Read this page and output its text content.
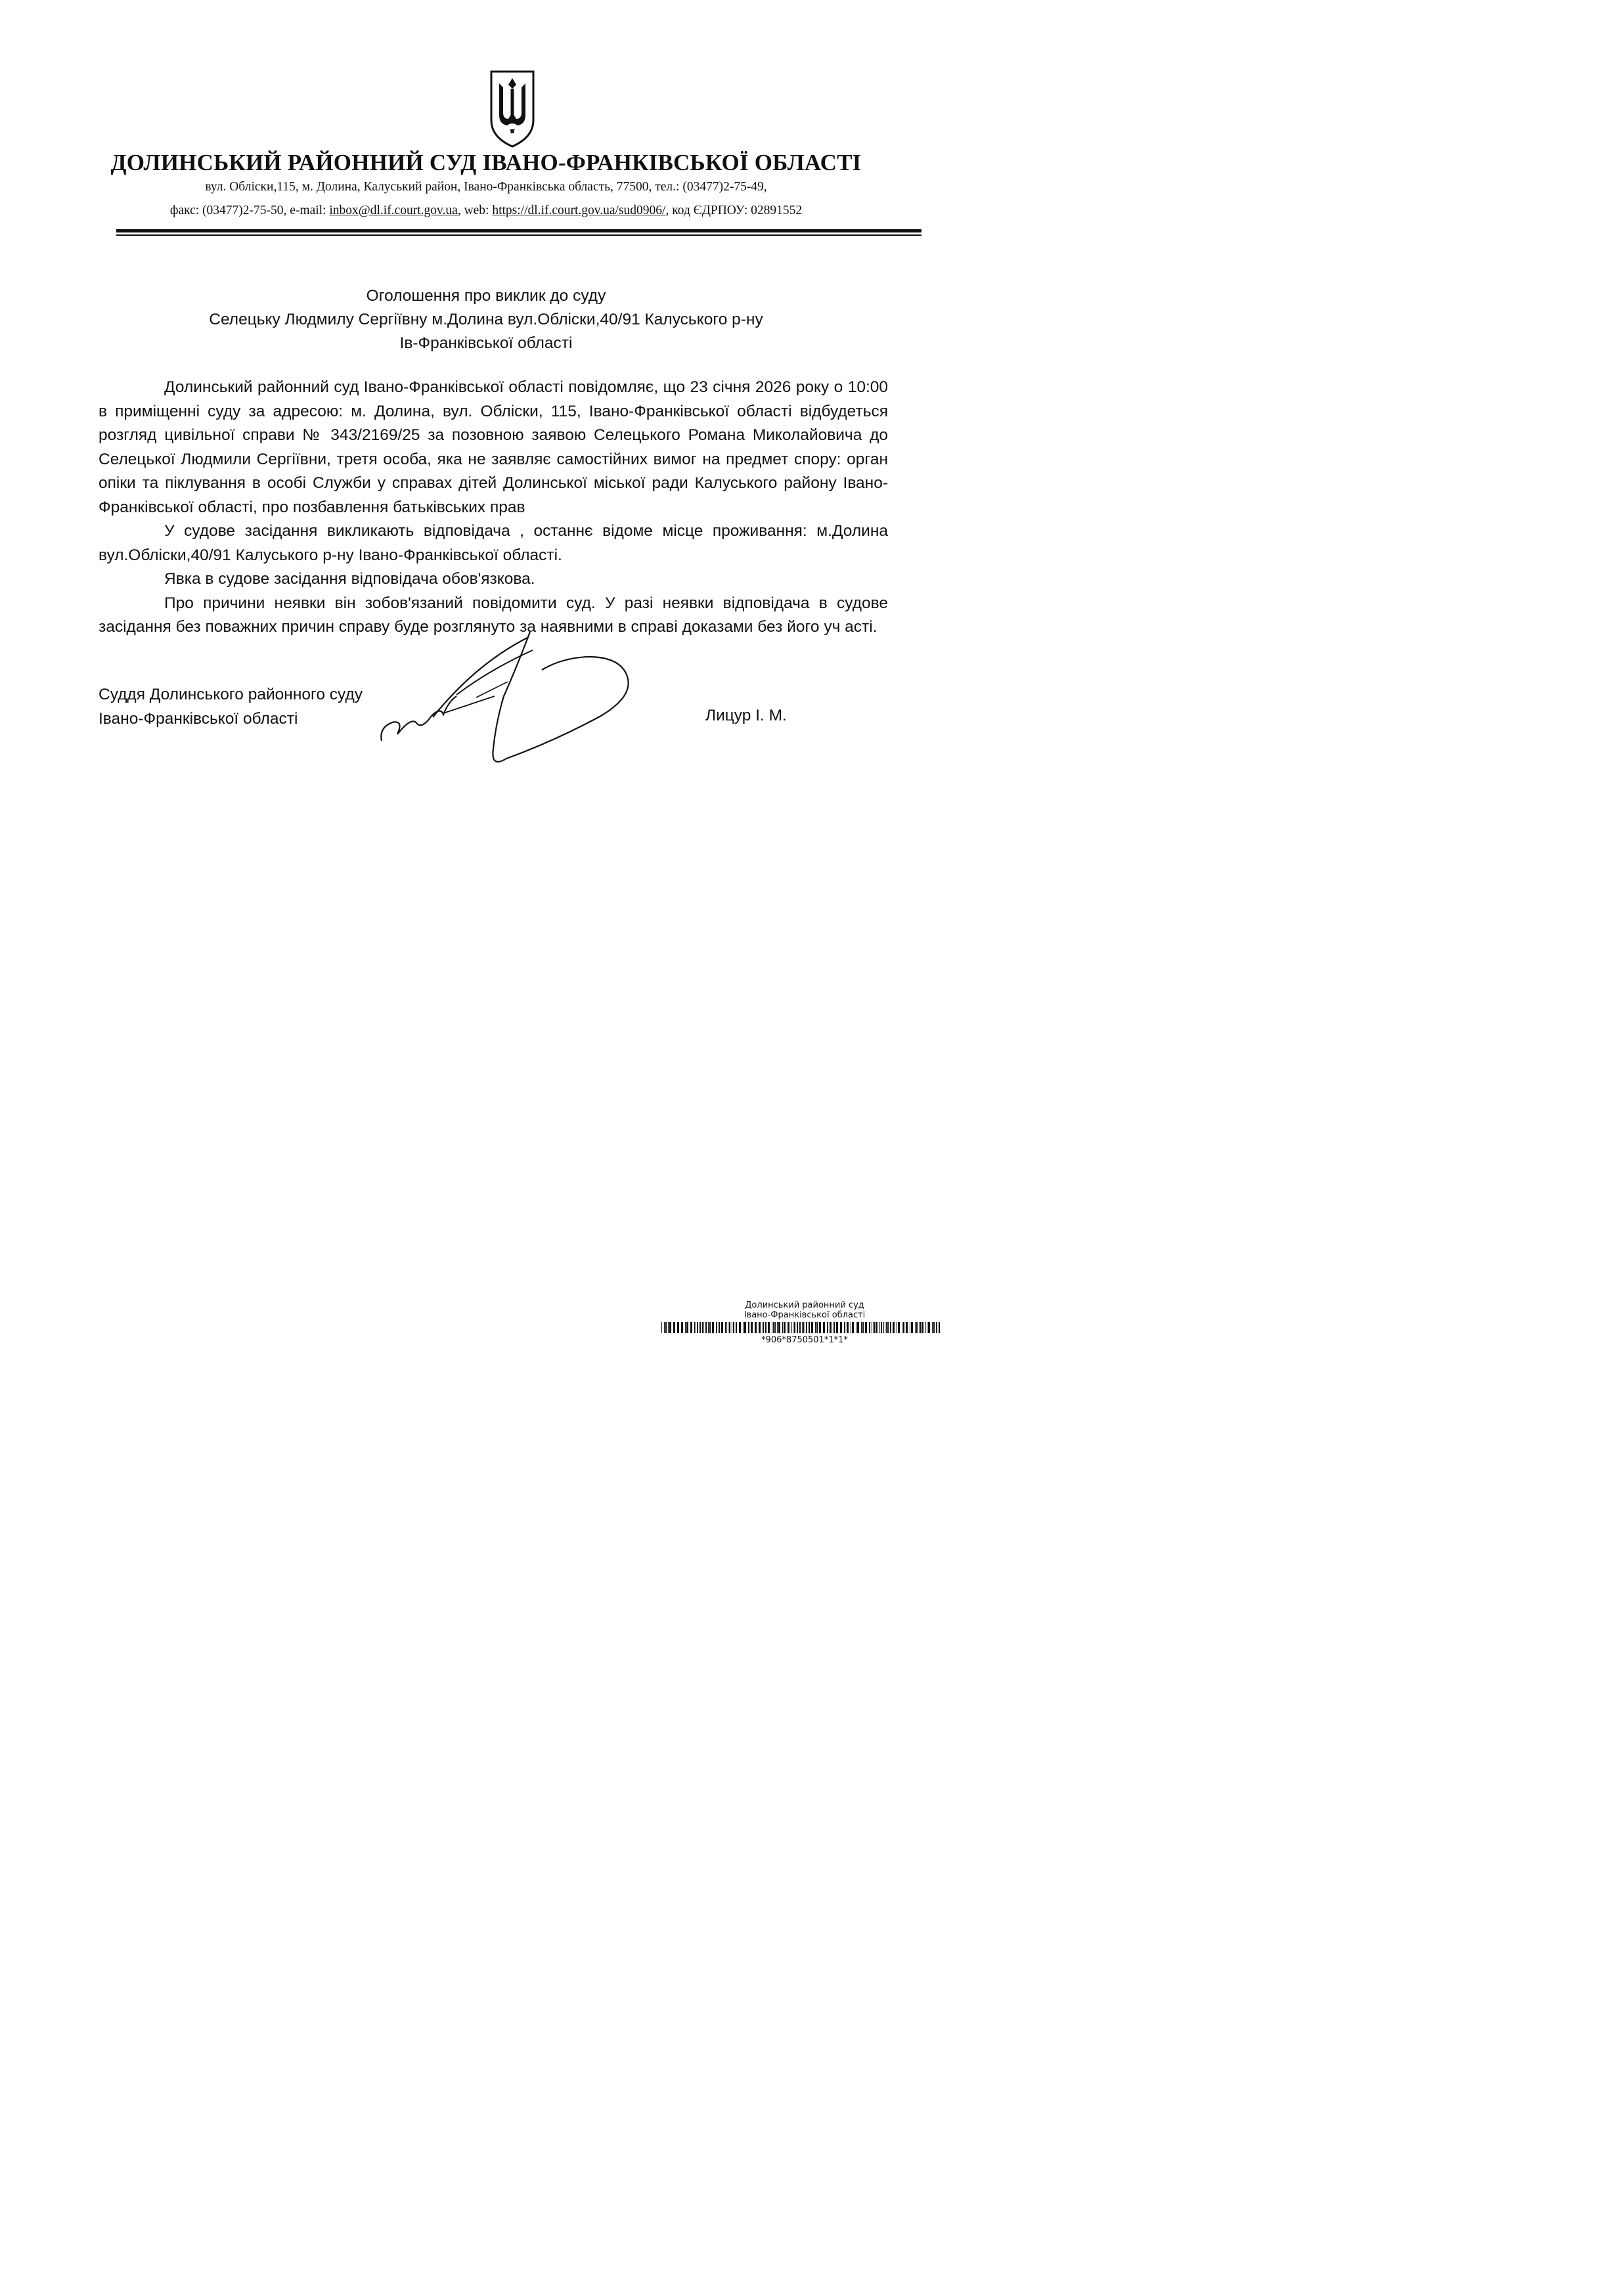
ДОЛИНСЬКИЙ РАЙОННИЙ СУД ІВАНО-ФРАНКІВСЬКОЇ ОБЛАСТІ
вул. Обліски,115, м. Долина, Калуський район, Івано-Франківська область, 77500, тел.: (03477)2-75-49,
факс: (03477)2-75-50, e-mail: inbox@dl.if.court.gov.ua, web: https://dl.if.court.gov.ua/sud0906/, код ЄДРПОУ: 02891552
Оголошення про виклик до суду
Селецьку Людмилу Сергіївну м.Долина вул.Обліски,40/91 Калуського р-ну
Ів-Франківської області

Долинський районний суд Івано-Франківської області повідомляє, що 23 січня 2026 року о 10:00 в приміщенні суду за адресою: м. Долина, вул. Обліски, 115, Івано-Франківської області відбудеться розгляд цивільної справи № 343/2169/25 за позовною заявою Селецького Романа Миколайовича до Селецької Людмили Сергіївни, третя особа, яка не заявляє самостійних вимог на предмет спору: орган опіки та піклування в особі Служби у справах дітей Долинської міської ради Калуського району Івано-Франківської області, про позбавлення батьківських прав

У судове засідання викликають відповідача , останнє відоме місце проживання: м.Долина вул.Обліски,40/91 Калуського р-ну Івано-Франківської області.

Явка в судове засідання відповідача обов'язкова.

Про причини неявки він зобов'язаний повідомити суд. У разі неявки відповідача в судове засідання без поважних причин справу буде розглянуто за наявними в справі доказами без його уч асті.

Суддя Долинського районного суду
Івано-Франківської області	Лицур І. М.
Долинський районний суд
Івано-Франківської області
*906*8750501*1*1*
